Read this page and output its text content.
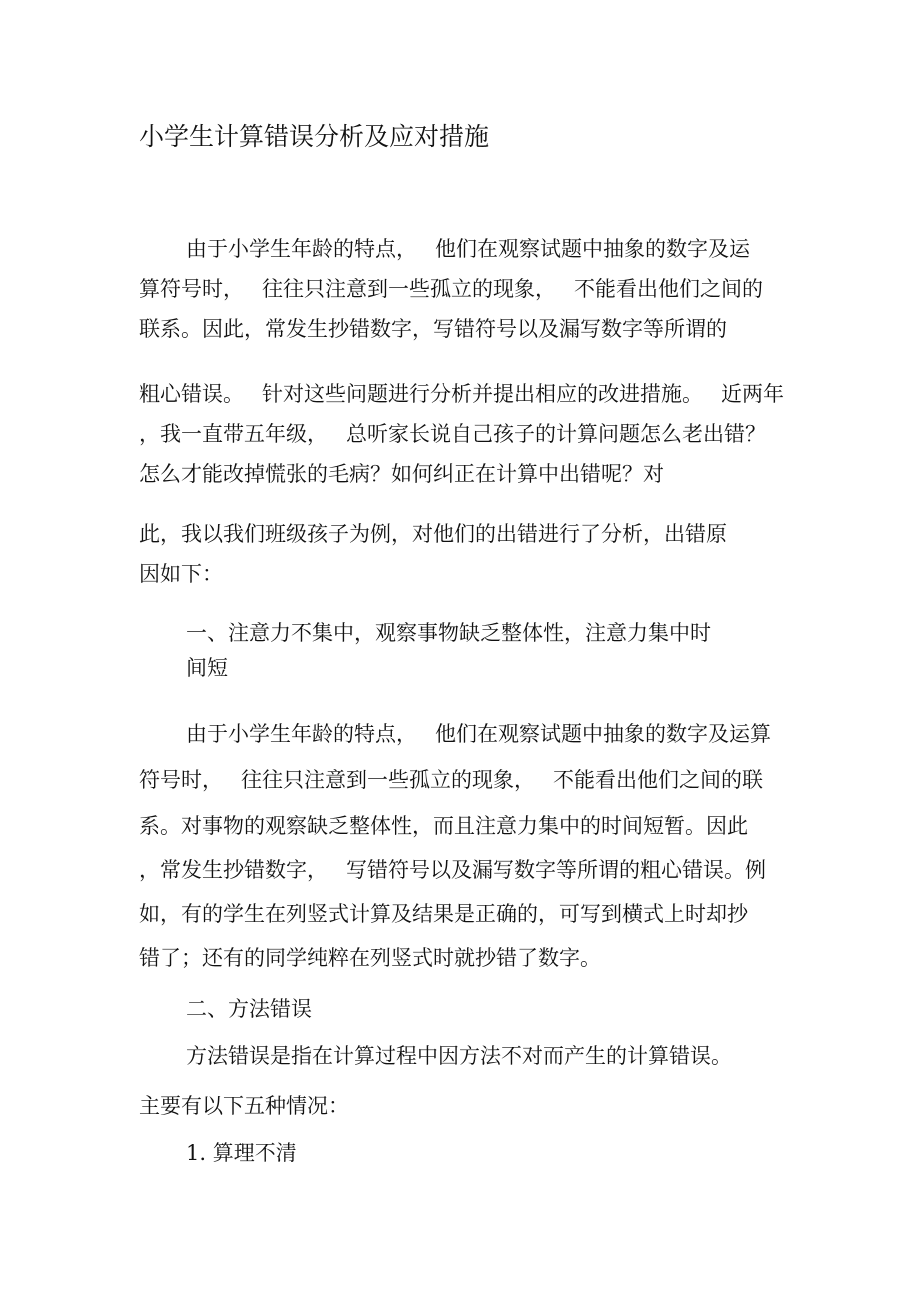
小学生计算错误分析及应对措施
由于小学生年龄的特点， 他们在观察试题中抽象的数字及运
算符号时， 往往只注意到一些孤立的现象， 不能看出他们之间的
联系。因此，常发生抄错数字，写错符号以及漏写数字等所谓的
粗心错误。 针对这些问题进行分析并提出相应的改进措施。 近两年
，我一直带五年级， 总听家长说自己孩子的计算问题怎么老出错？
怎么才能改掉慌张的毛病？如何纠正在计算中出错呢？对
此，我以我们班级孩子为例，对他们的出错进行了分析，出错原
因如下：
一、注意力不集中，观察事物缺乏整体性，注意力集中时
间短
由于小学生年龄的特点， 他们在观察试题中抽象的数字及运算
符号时， 往往只注意到一些孤立的现象， 不能看出他们之间的联
系。对事物的观察缺乏整体性，而且注意力集中的时间短暂。因此
，常发生抄错数字， 写错符号以及漏写数字等所谓的粗心错误。例
如，有的学生在列竖式计算及结果是正确的，可写到横式上时却抄
错了；还有的同学纯粹在列竖式时就抄错了数字。
二、方法错误
方法错误是指在计算过程中因方法不对而产生的计算错误。
主要有以下五种情况：
1. 算理不清
